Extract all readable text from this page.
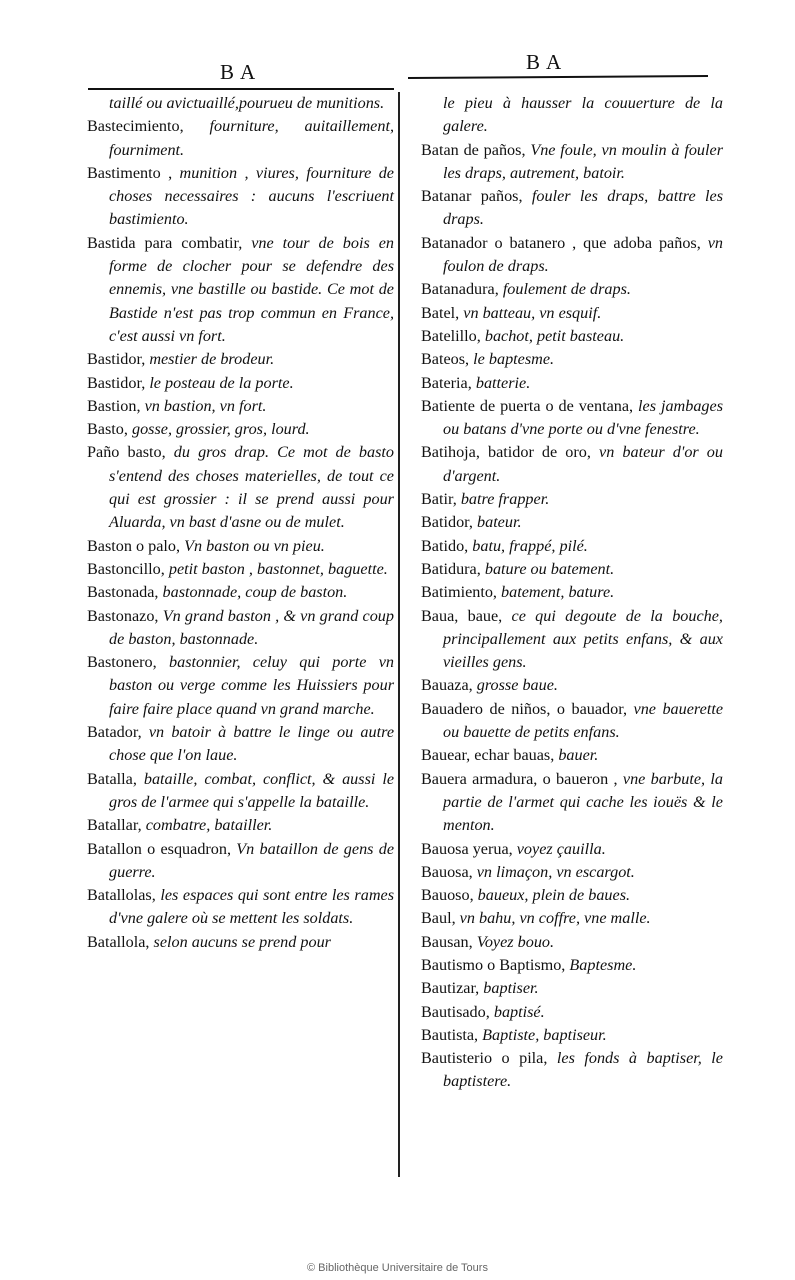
BA	BA

taillé ou avictuaillé,pourueu de munitions.

Bastecimiento, fourniture, auitaillement, fourniment.

Bastimento , munition , viures, fourniture de choses necessaires : aucuns l'escriuent bastimiento.

Bastida para combatir, vne tour de bois en forme de clocher pour se defendre des ennemis, vne bastille ou bastide. Ce mot de Bastide n'est pas trop commun en France, c'est aussi vn fort.

Bastidor, mestier de brodeur.

Bastidor, le posteau de la porte.

Bastion, vn bastion, vn fort.

Basto, gosse, grossier, gros, lourd.

Paño basto, du gros drap. Ce mot de basto s'entend des choses materielles, de tout ce qui est grossier : il se prend aussi pour Aluarda, vn bast d'asne ou de mulet.

Baston o palo, Vn baston ou vn pieu.

Bastoncillo, petit baston , bastonnet, baguette.

Bastonada, bastonnade, coup de baston.

Bastonazo, Vn grand baston , & vn grand coup de baston, bastonnade.

Bastonero, bastonnier, celuy qui porte vn baston ou verge comme les Huissiers pour faire faire place quand vn grand marche.

Batador, vn batoir à battre le linge ou autre chose que l'on laue.

Batalla, bataille, combat, conflict, & aussi le gros de l'armee qui s'appelle la bataille.

Batallar, combatre, batailler.

Batallon o esquadron, Vn bataillon de gens de guerre.

Batallolas, les espaces qui sont entre les rames d'vne galere où se mettent les soldats.

Batallola, selon aucuns se prend pour

le pieu à hausser la couuerture de la galere.

Batan de paños, Vne foule, vn moulin à fouler les draps, autrement, batoir.

Batanar paños, fouler les draps, battre les draps.

Batanador o batanero , que adoba paños, vn foulon de draps.

Batanadura, foulement de draps.

Batel, vn batteau, vn esquif.

Batelillo, bachot, petit basteau.

Bateos, le baptesme.

Bateria, batterie.

Batiente de puerta o de ventana, les jambages ou batans d'vne porte ou d'vne fenestre.

Batihoja, batidor de oro, vn bateur d'or ou d'argent.

Batir, batre frapper.

Batidor, bateur.

Batido, batu, frappé, pilé.

Batidura, bature ou batement.

Batimiento, batement, bature.

Baua, baue, ce qui degoute de la bouche, principallement aux petits enfans, & aux vieilles gens.

Bauaza, grosse baue.

Bauadero de niños, o bauador, vne bauerette ou bauette de petits enfans.

Bauear, echar bauas, bauer.

Bauera armadura, o baueron , vne barbute, la partie de l'armet qui cache les iouës & le menton.

Bauosa yerua, voyez çauilla.

Bauosa, vn limaçon, vn escargot.

Bauoso, baueux, plein de baues.

Baul, vn bahu, vn coffre, vne malle.

Bausan, Voyez bouo.

Bautismo o Baptismo, Baptesme.

Bautizar, baptiser.

Bautisado, baptisé.

Bautista, Baptiste, baptiseur.

Bautisterio o pila, les fonds à baptiser, le baptistere.

© Bibliothèque Universitaire de Tours
